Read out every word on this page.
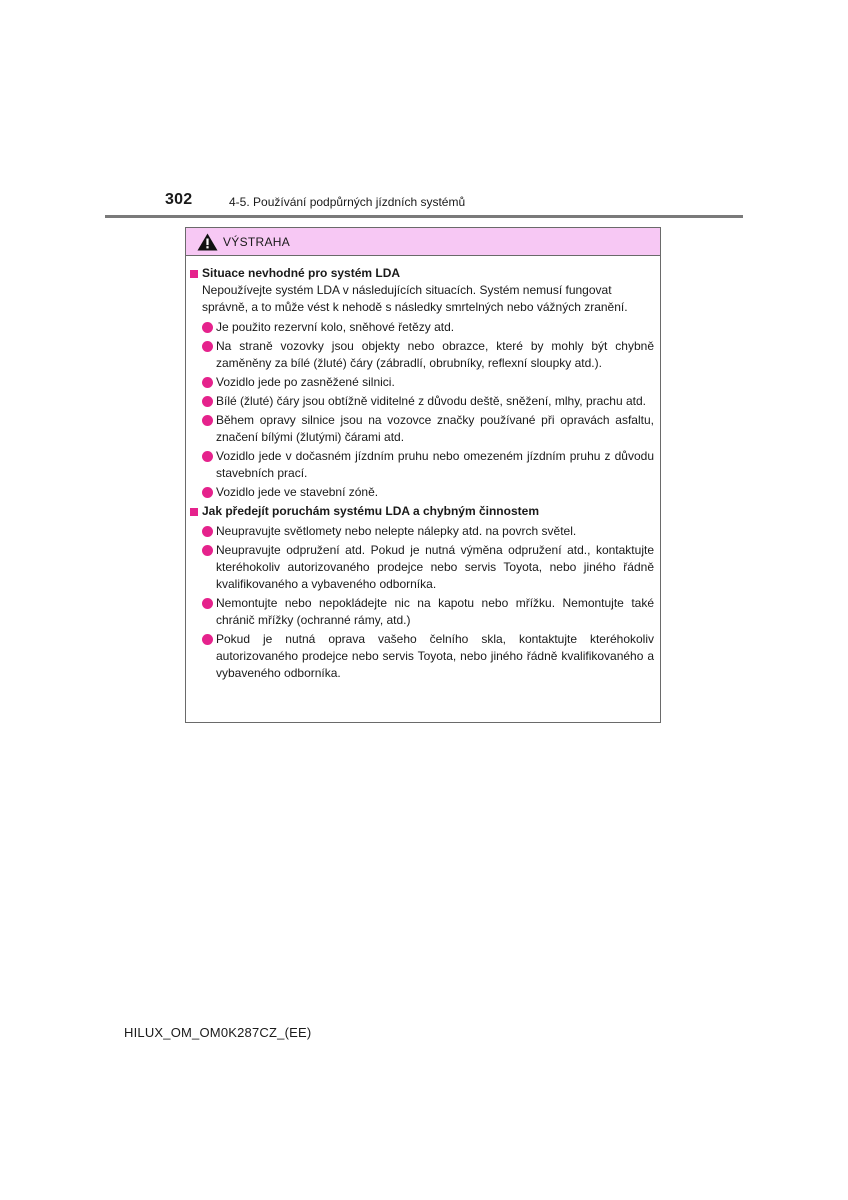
302	4-5. Používání podpůrných jízdních systémů
VÝSTRAHA
Situace nevhodné pro systém LDA
Nepoužívejte systém LDA v následujících situacích. Systém nemusí fungovat správně, a to může vést k nehodě s následky smrtelných nebo vážných zranění.
Je použito rezervní kolo, sněhové řetězy atd.
Na straně vozovky jsou objekty nebo obrazce, které by mohly být chybně zaměněny za bílé (žluté) čáry (zábradlí, obrubníky, reflexní sloupky atd.).
Vozidlo jede po zasněžené silnici.
Bílé (žluté) čáry jsou obtížně viditelné z důvodu deště, sněžení, mlhy, prachu atd.
Během opravy silnice jsou na vozovce značky používané při opravách asfaltu, značení bílými (žlutými) čárami atd.
Vozidlo jede v dočasném jízdním pruhu nebo omezeném jízdním pruhu z důvodu stavebních prací.
Vozidlo jede ve stavební zóně.
Jak předejít poruchám systému LDA a chybným činnostem
Neupravujte světlomety nebo nelepte nálepky atd. na povrch světel.
Neupravujte odpružení atd. Pokud je nutná výměna odpružení atd., kontaktujte kteréhokoliv autorizovaného prodejce nebo servis Toyota, nebo jiného řádně kvalifikovaného a vybaveného odborníka.
Nemontujte nebo nepokládejte nic na kapotu nebo mřížku. Nemontujte také chránič mřížky (ochranné rámy, atd.)
Pokud je nutná oprava vašeho čelního skla, kontaktujte kteréhokoliv autorizovaného prodejce nebo servis Toyota, nebo jiného řádně kvalifikovaného a vybaveného odborníka.
HILUX_OM_OM0K287CZ_(EE)
